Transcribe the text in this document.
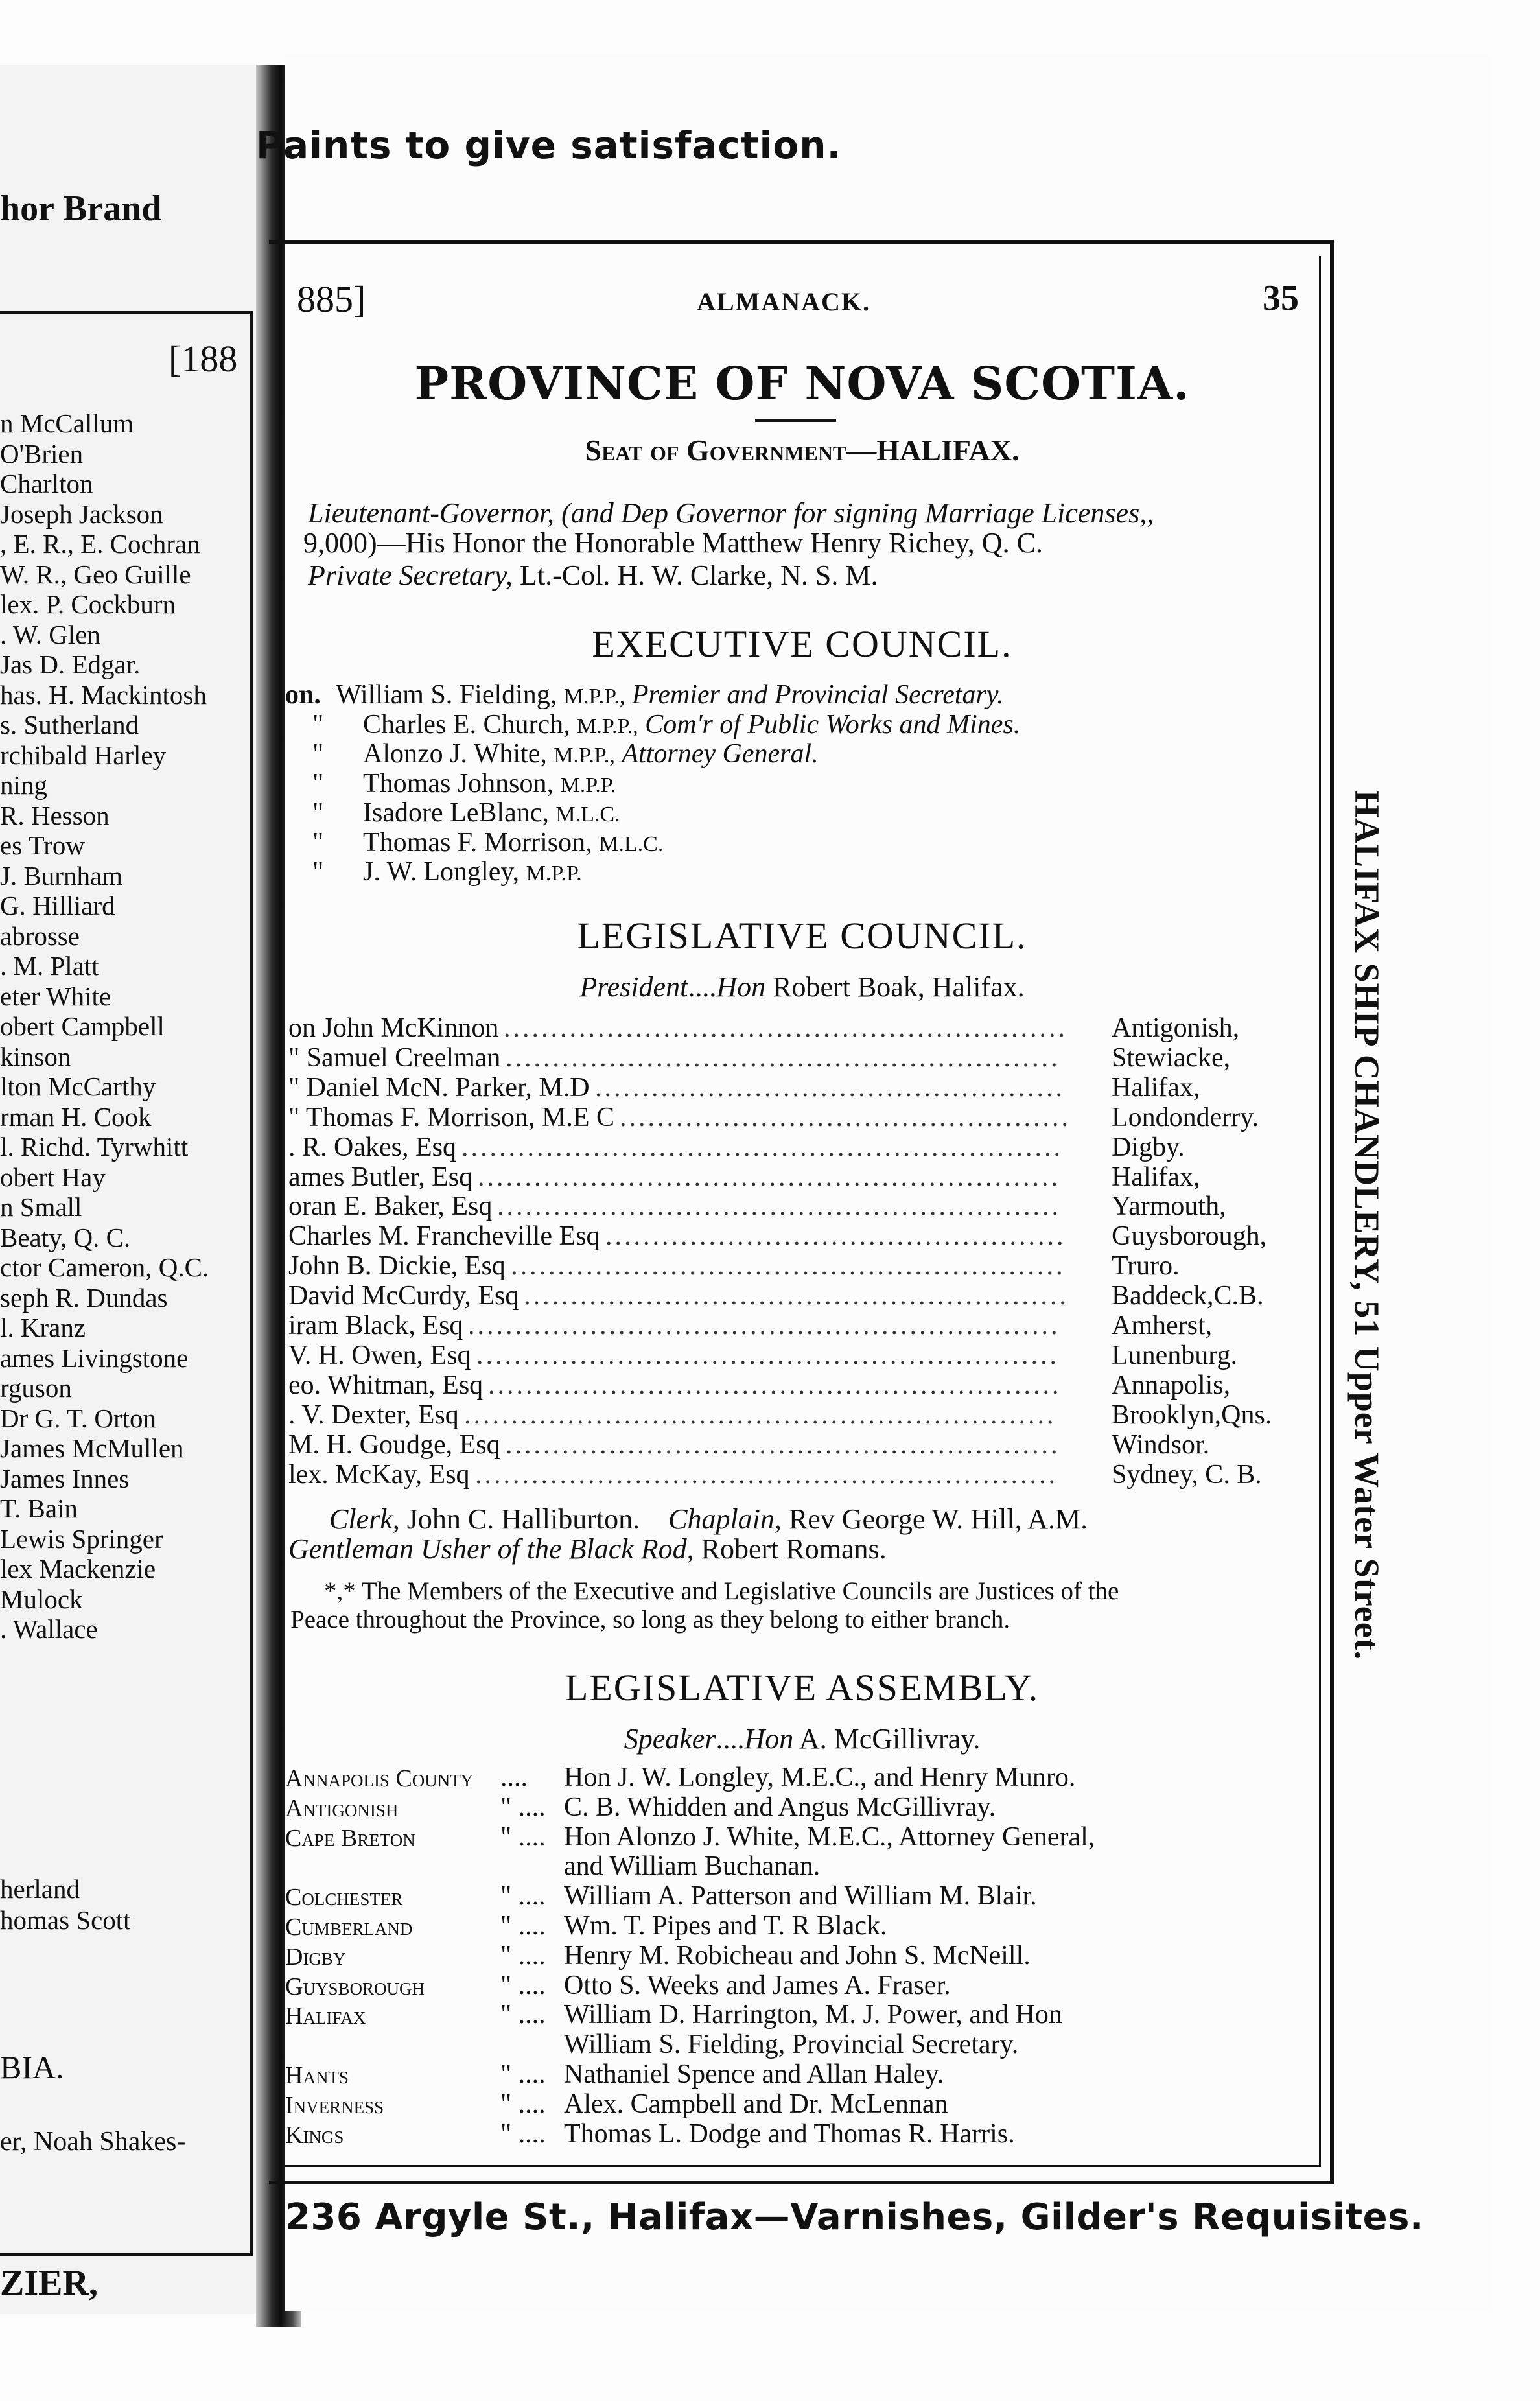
hor Brand
[188
n McCallum
O'Brien
Charlton
Joseph Jackson
, E. R., E. Cochran
W. R., Geo Guille
lex. P. Cockburn
. W. Glen
Jas D. Edgar.
has. H. Mackintosh
s. Sutherland
rchibald Harley
ning
R. Hesson
es Trow
J. Burnham
G. Hilliard
abrosse
. M. Platt
eter White
obert Campbell
kinson
lton McCarthy
rman H. Cook
l. Richd. Tyrwhitt
obert Hay
n Small
Beaty, Q. C.
ctor Cameron, Q.C.
seph R. Dundas
l. Kranz
ames Livingstone
rguson
Dr G. T. Orton
James McMullen
James Innes
T. Bain
Lewis Springer
lex Mackenzie
Mulock
. Wallace
herland
homas Scott
BIA.
er, Noah Shakes-
ZIER,
Paints to give satisfaction.
885]	ALMANACK.	35
PROVINCE OF NOVA SCOTIA.
Seat of Government—HALIFAX.
Lieutenant-Governor, (and Dep Governor for signing Marriage Licenses,,
9,000)—His Honor the Honorable Matthew Henry Richey, Q. C.
Private Secretary, Lt.-Col. H. W. Clarke, N. S. M.
EXECUTIVE COUNCIL.
on. William S. Fielding, M.P.P., Premier and Provincial Secretary.
" Charles E. Church, M.P.P., Com'r of Public Works and Mines.
" Alonzo J. White, M.P.P., Attorney General.
" Thomas Johnson, M.P.P.
" Isadore LeBlanc, M.L.C.
" Thomas F. Morrison, M.L.C.
" J. W. Longley, M.P.P.
LEGISLATIVE COUNCIL.
President....Hon Robert Boak, Halifax.
on John McKinnon ............................................................ Antigonish,
" Samuel Creelman ........................................................... Stewiacke,
" Daniel McN. Parker, M.D .................................................. Halifax,
" Thomas F. Morrison, M.E C ................................................ Londonderry.
. R. Oakes, Esq ................................................................ Digby.
ames Butler, Esq .............................................................. Halifax,
oran E. Baker, Esq ............................................................ Yarmouth,
Charles M. Francheville Esq ................................................. Guysborough,
John B. Dickie, Esq ........................................................... Truro.
David McCurdy, Esq .......................................................... Baddeck,C.B.
iram Black, Esq ............................................................... Amherst,
V. H. Owen, Esq .............................................................. Lunenburg.
eo. Whitman, Esq ............................................................. Annapolis,
. V. Dexter, Esq ............................................................... Brooklyn,Qns.
M. H. Goudge, Esq ........................................................... Windsor.
lex. McKay, Esq .............................................................. Sydney, C. B.
Clerk, John C. Halliburton. Chaplain, Rev George W. Hill, A.M.
Gentleman Usher of the Black Rod, Robert Romans.
*,* The Members of the Executive and Legislative Councils are Justices of the
Peace throughout the Province, so long as they belong to either branch.
LEGISLATIVE ASSEMBLY.
Speaker....Hon A. McGillivray.
Annapolis County .... Hon J. W. Longley, M.E.C., and Henry Munro.
Antigonish	" .... C. B. Whidden and Angus McGillivray.
Cape Breton	" .... Hon Alonzo J. White, M.E.C., Attorney General,
and William Buchanan.
Colchester	" .... William A. Patterson and William M. Blair.
Cumberland	" .... Wm. T. Pipes and T. R Black.
Digby	" .... Henry M. Robicheau and John S. McNeill.
Guysborough	" .... Otto S. Weeks and James A. Fraser.
Halifax	" .... William D. Harrington, M. J. Power, and Hon
William S. Fielding, Provincial Secretary.
Hants	" .... Nathaniel Spence and Allan Haley.
Inverness	" .... Alex. Campbell and Dr. McLennan
Kings	" .... Thomas L. Dodge and Thomas R. Harris.
HALIFAX SHIP CHANDLERY, 51 Upper Water Street.
236 Argyle St., Halifax—Varnishes, Gilder's Requisites.
